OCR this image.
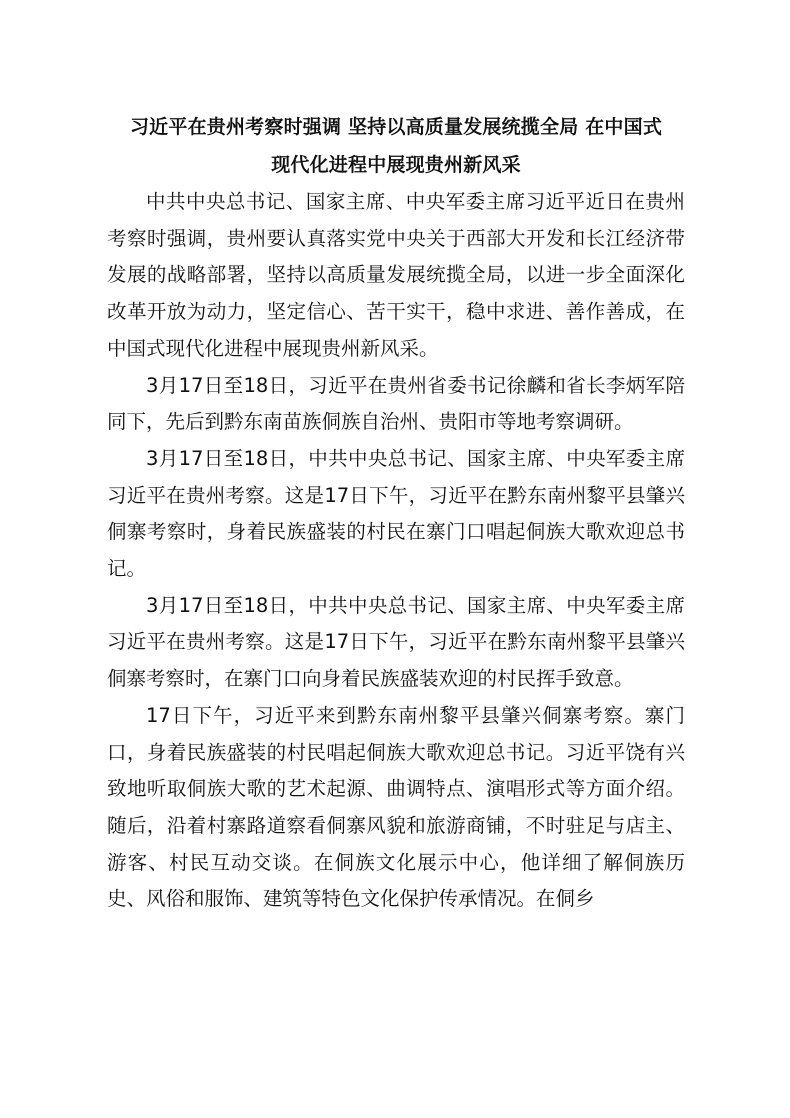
习近平在贵州考察时强调 坚持以高质量发展统揽全局 在中国式
现代化进程中展现贵州新风采

中共中央总书记、国家主席、中央军委主席习近平近日在贵州考察时强调，贵州要认真落实党中央关于西部大开发和长江经济带发展的战略部署，坚持以高质量发展统揽全局，以进一步全面深化改革开放为动力，坚定信心、苦干实干，稳中求进、善作善成，在中国式现代化进程中展现贵州新风采。

3月17日至18日，习近平在贵州省委书记徐麟和省长李炳军陪同下，先后到黔东南苗族侗族自治州、贵阳市等地考察调研。

3月17日至18日，中共中央总书记、国家主席、中央军委主席习近平在贵州考察。这是17日下午，习近平在黔东南州黎平县肇兴侗寨考察时，身着民族盛装的村民在寨门口唱起侗族大歌欢迎总书记。

3月17日至18日，中共中央总书记、国家主席、中央军委主席习近平在贵州考察。这是17日下午，习近平在黔东南州黎平县肇兴侗寨考察时，在寨门口向身着民族盛装欢迎的村民挥手致意。

17日下午，习近平来到黔东南州黎平县肇兴侗寨考察。寨门口，身着民族盛装的村民唱起侗族大歌欢迎总书记。习近平饶有兴致地听取侗族大歌的艺术起源、曲调特点、演唱形式等方面介绍。随后，沿着村寨路道察看侗寨风貌和旅游商铺，不时驻足与店主、游客、村民互动交谈。在侗族文化展示中心，他详细了解侗族历史、风俗和服饰、建筑等特色文化保护传承情况。在侗乡
